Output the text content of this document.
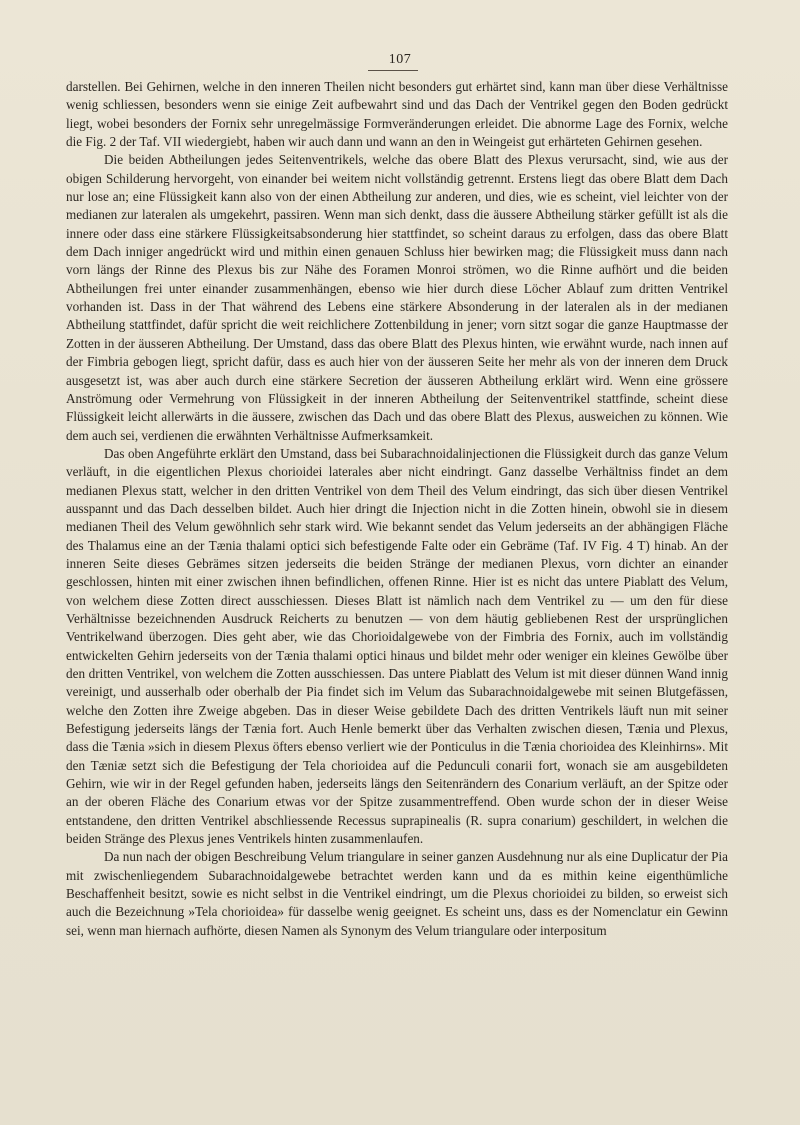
107

darstellen. Bei Gehirnen, welche in den inneren Theilen nicht besonders gut erhärtet sind, kann man über diese Verhältnisse wenig schliessen, besonders wenn sie einige Zeit aufbewahrt sind und das Dach der Ventrikel gegen den Boden gedrückt liegt, wobei besonders der Fornix sehr unregelmässige Formveränderungen erleidet. Die abnorme Lage des Fornix, welche die Fig. 2 der Taf. VII wiedergiebt, haben wir auch dann und wann an den in Weingeist gut erhärteten Gehirnen gesehen.

Die beiden Abtheilungen jedes Seitenventrikels, welche das obere Blatt des Plexus verursacht, sind, wie aus der obigen Schilderung hervorgeht, von einander bei weitem nicht vollständig getrennt. Erstens liegt das obere Blatt dem Dach nur lose an; eine Flüssigkeit kann also von der einen Abtheilung zur anderen, und dies, wie es scheint, viel leichter von der medianen zur lateralen als umgekehrt, passiren. Wenn man sich denkt, dass die äussere Abtheilung stärker gefüllt ist als die innere oder dass eine stärkere Flüssigkeitsabsonderung hier stattfindet, so scheint daraus zu erfolgen, dass das obere Blatt dem Dach inniger angedrückt wird und mithin einen genauen Schluss hier bewirken mag; die Flüssigkeit muss dann nach vorn längs der Rinne des Plexus bis zur Nähe des Foramen Monroi strömen, wo die Rinne aufhört und die beiden Abtheilungen frei unter einander zusammenhängen, ebenso wie hier durch diese Löcher Ablauf zum dritten Ventrikel vorhanden ist. Dass in der That während des Lebens eine stärkere Absonderung in der lateralen als in der medianen Abtheilung stattfindet, dafür spricht die weit reichlichere Zottenbildung in jener; vorn sitzt sogar die ganze Hauptmasse der Zotten in der äusseren Abtheilung. Der Umstand, dass das obere Blatt des Plexus hinten, wie erwähnt wurde, nach innen auf der Fimbria gebogen liegt, spricht dafür, dass es auch hier von der äusseren Seite her mehr als von der inneren dem Druck ausgesetzt ist, was aber auch durch eine stärkere Secretion der äusseren Abtheilung erklärt wird. Wenn eine grössere Anströmung oder Vermehrung von Flüssigkeit in der inneren Abtheilung der Seitenventrikel stattfinde, scheint diese Flüssigkeit leicht allerwärts in die äussere, zwischen das Dach und das obere Blatt des Plexus, ausweichen zu können. Wie dem auch sei, verdienen die erwähnten Verhältnisse Aufmerksamkeit.

Das oben Angeführte erklärt den Umstand, dass bei Subarachnoidalinjectionen die Flüssigkeit durch das ganze Velum verläuft, in die eigentlichen Plexus chorioidei laterales aber nicht eindringt. Ganz dasselbe Verhältniss findet an dem medianen Plexus statt, welcher in den dritten Ventrikel von dem Theil des Velum eindringt, das sich über diesen Ventrikel ausspannt und das Dach desselben bildet. Auch hier dringt die Injection nicht in die Zotten hinein, obwohl sie in diesem medianen Theil des Velum gewöhnlich sehr stark wird. Wie bekannt sendet das Velum jederseits an der abhängigen Fläche des Thalamus eine an der Tænia thalami optici sich befestigende Falte oder ein Gebräme (Taf. IV Fig. 4 T) hinab. An der inneren Seite dieses Gebrämes sitzen jederseits die beiden Stränge der medianen Plexus, vorn dichter an einander geschlossen, hinten mit einer zwischen ihnen befindlichen, offenen Rinne. Hier ist es nicht das untere Piablatt des Velum, von welchem diese Zotten direct ausschiessen. Dieses Blatt ist nämlich nach dem Ventrikel zu — um den für diese Verhältnisse bezeichnenden Ausdruck Reicherts zu benutzen — von dem häutig gebliebenen Rest der ursprünglichen Ventrikelwand überzogen. Dies geht aber, wie das Chorioidalgewebe von der Fimbria des Fornix, auch im vollständig entwickelten Gehirn jederseits von der Tænia thalami optici hinaus und bildet mehr oder weniger ein kleines Gewölbe über den dritten Ventrikel, von welchem die Zotten ausschiessen. Das untere Piablatt des Velum ist mit dieser dünnen Wand innig vereinigt, und ausserhalb oder oberhalb der Pia findet sich im Velum das Subarachnoidalgewebe mit seinen Blutgefässen, welche den Zotten ihre Zweige abgeben. Das in dieser Weise gebildete Dach des dritten Ventrikels läuft nun mit seiner Befestigung jederseits längs der Tænia fort. Auch Henle bemerkt über das Verhalten zwischen diesen, Tænia und Plexus, dass die Tænia »sich in diesem Plexus öfters ebenso verliert wie der Ponticulus in die Tænia chorioidea des Kleinhirns». Mit den Tæniæ setzt sich die Befestigung der Tela chorioidea auf die Pedunculi conarii fort, wonach sie am ausgebildeten Gehirn, wie wir in der Regel gefunden haben, jederseits längs den Seitenrändern des Conarium verläuft, an der Spitze oder an der oberen Fläche des Conarium etwas vor der Spitze zusammentreffend. Oben wurde schon der in dieser Weise entstandene, den dritten Ventrikel abschliessende Recessus suprapinealis (R. supra conarium) geschildert, in welchen die beiden Stränge des Plexus jenes Ventrikels hinten zusammenlaufen.

Da nun nach der obigen Beschreibung Velum triangulare in seiner ganzen Ausdehnung nur als eine Duplicatur der Pia mit zwischenliegendem Subarachnoidalgewebe betrachtet werden kann und da es mithin keine eigenthümliche Beschaffenheit besitzt, sowie es nicht selbst in die Ventrikel eindringt, um die Plexus chorioidei zu bilden, so erweist sich auch die Bezeichnung »Tela chorioidea» für dasselbe wenig geeignet. Es scheint uns, dass es der Nomenclatur ein Gewinn sei, wenn man hiernach aufhörte, diesen Namen als Synonym des Velum triangulare oder interpositum
